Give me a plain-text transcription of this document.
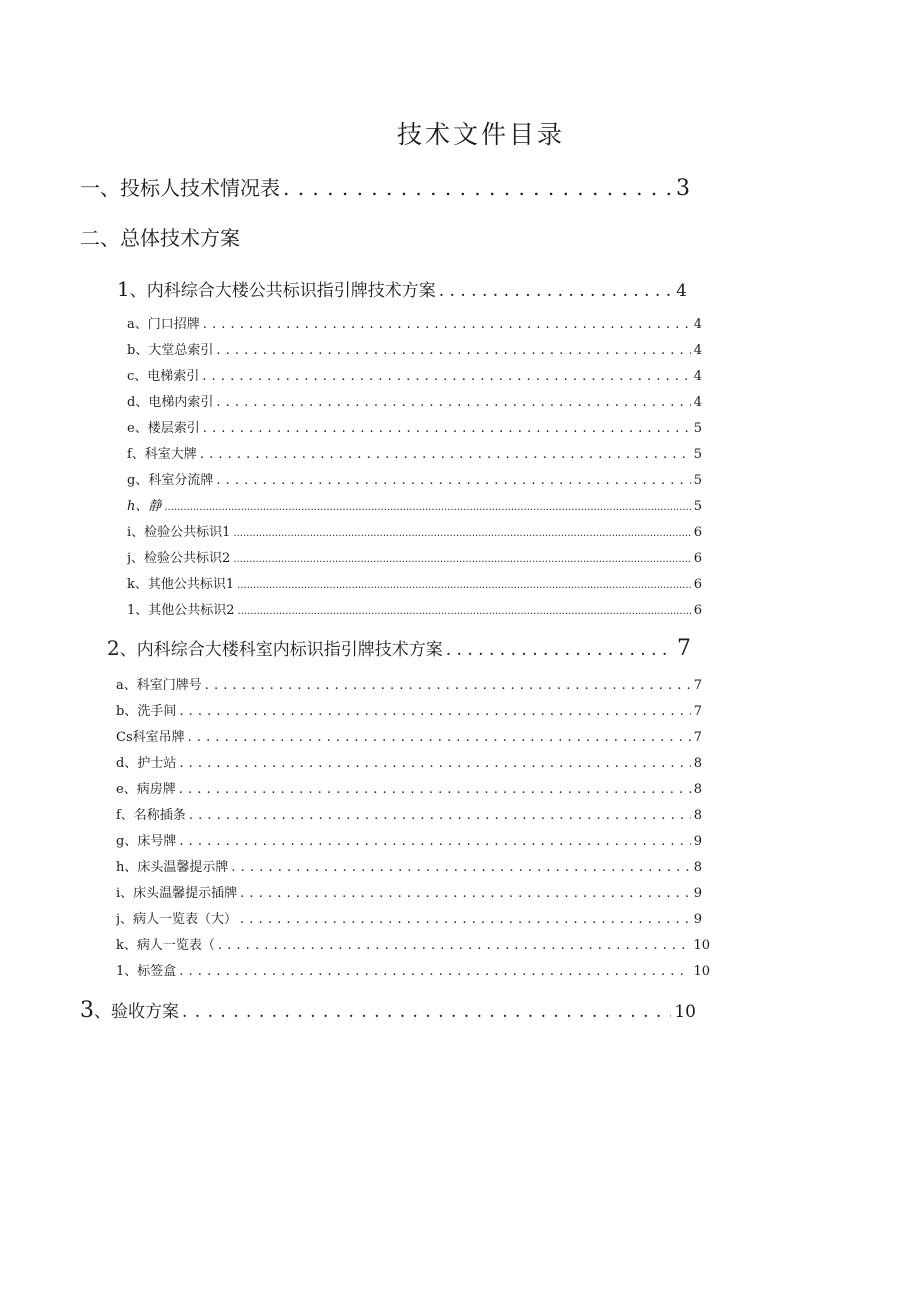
技术文件目录
一、投标人技术情况表 . . .	3
二、总体技术方案
1、内科综合大楼公共标识指引牌技术方案 . . .	4
a、门口招牌 . . .	4
b、大堂总索引 . . .	4
c、电梯索引 . . .	4
d、电梯内索引 . . .	4
e、楼层索引 . . .	5
f、科室大牌 . . .	5
g、科室分流牌 . . .	5
h、静 .....	5
i、检验公共标识1 .....	6
j、检验公共标识2 .....	6
k、其他公共标识1 .....	6
1、其他公共标识2 .....	6
2、内科综合大楼科室内标识指引牌技术方案 . . .	7
a、科室门牌号 . . .	7
b、洗手间 . . .	7
Cs科室吊牌 . . .	7
d、护士站 . . .	8
e、病房牌 . . .	8
f、名称插条 . . .	8
g、床号牌 . . .	9
h、床头温馨提示牌 . . .	8
i、床头温馨提示插牌 . . .	9
j、病人一览表（大） . . .	9
k、病人一览表（ . . .	10
1、标签盒 . . .	10
3、验收方案 . . .	10
